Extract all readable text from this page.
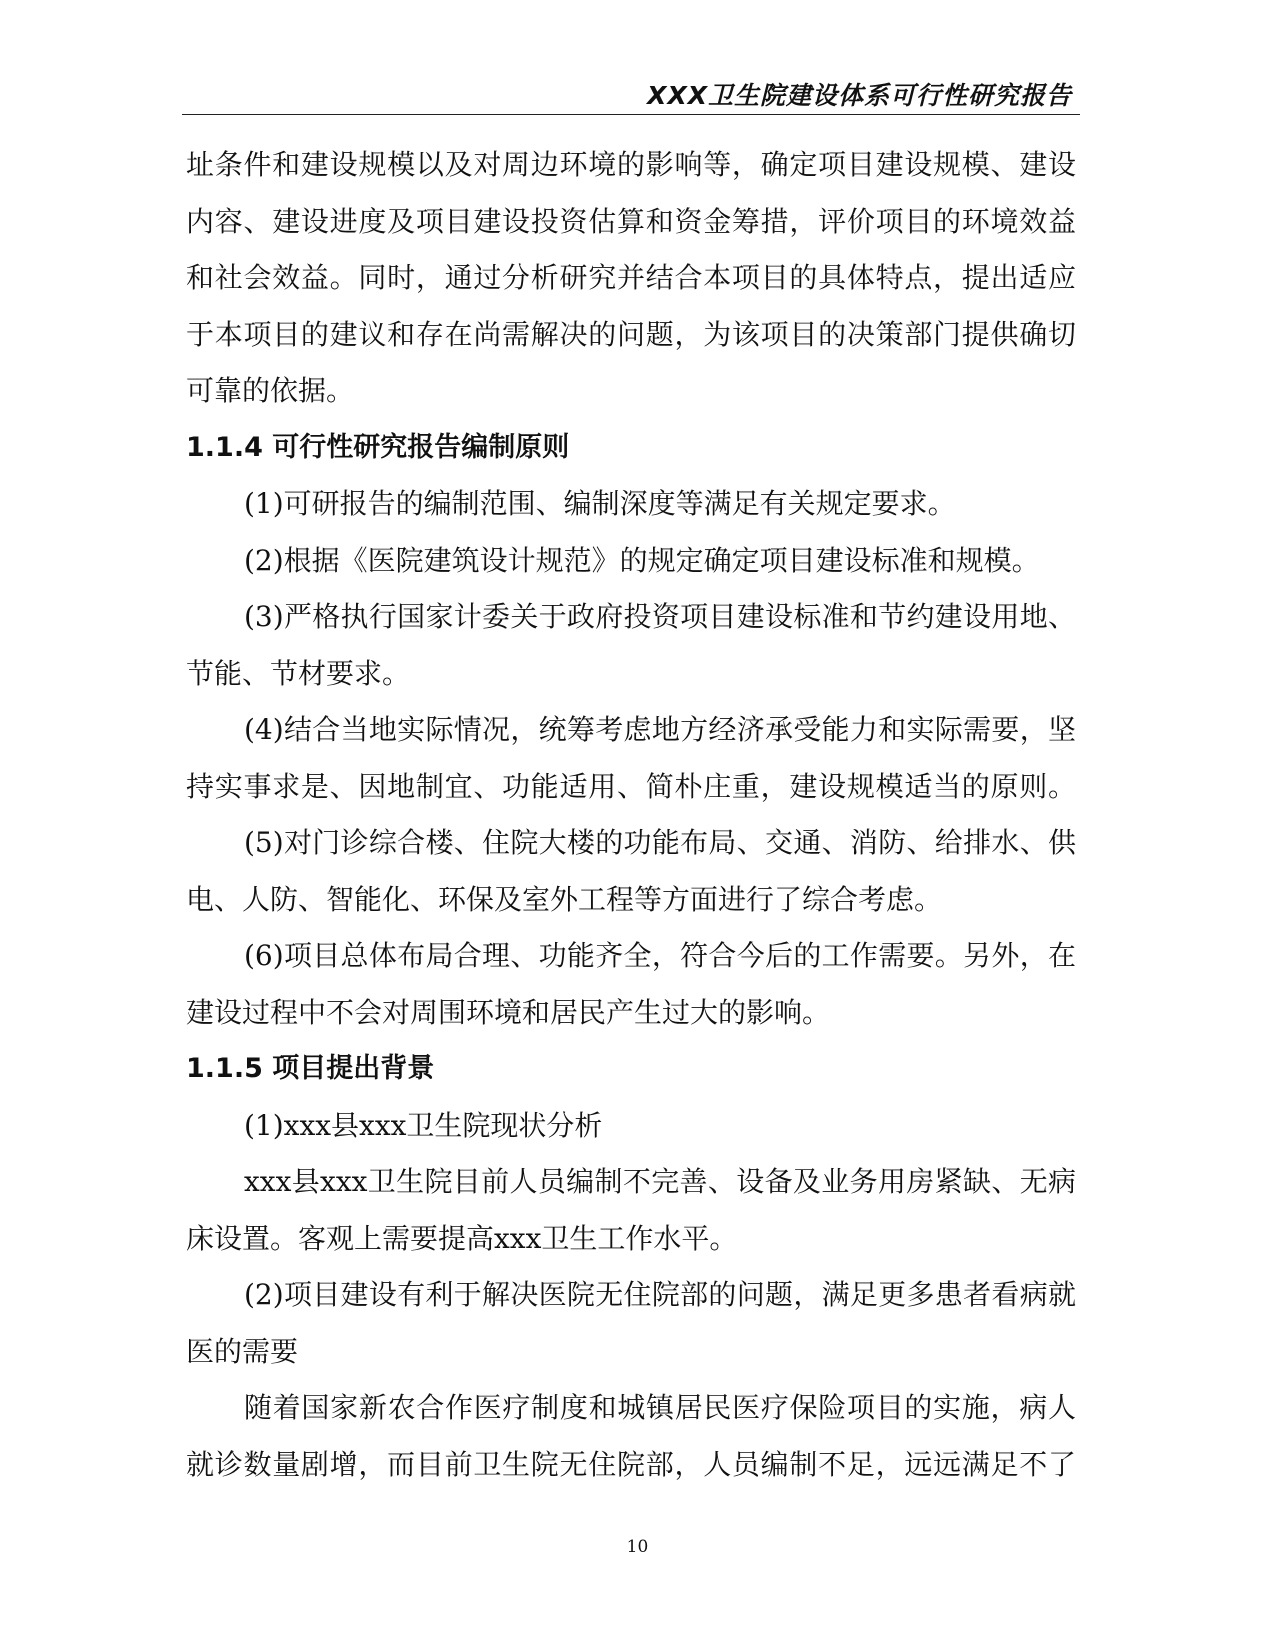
XXX卫生院建设体系可行性研究报告
址条件和建设规模以及对周边环境的影响等，确定项目建设规模、建设
内容、建设进度及项目建设投资估算和资金筹措，评价项目的环境效益
和社会效益。同时，通过分析研究并结合本项目的具体特点，提出适应
于本项目的建议和存在尚需解决的问题，为该项目的决策部门提供确切
可靠的依据。
1.1.4 可行性研究报告编制原则
(1)可研报告的编制范围、编制深度等满足有关规定要求。
(2)根据《医院建筑设计规范》的规定确定项目建设标准和规模。
(3)严格执行国家计委关于政府投资项目建设标准和节约建设用地、
节能、节材要求。
(4)结合当地实际情况，统筹考虑地方经济承受能力和实际需要，坚
持实事求是、因地制宜、功能适用、简朴庄重，建设规模适当的原则。
(5)对门诊综合楼、住院大楼的功能布局、交通、消防、给排水、供
电、人防、智能化、环保及室外工程等方面进行了综合考虑。
(6)项目总体布局合理、功能齐全，符合今后的工作需要。另外，在
建设过程中不会对周围环境和居民产生过大的影响。
1.1.5 项目提出背景
(1)xxx县xxx卫生院现状分析
xxx县xxx卫生院目前人员编制不完善、设备及业务用房紧缺、无病
床设置。客观上需要提高xxx卫生工作水平。
(2)项目建设有利于解决医院无住院部的问题，满足更多患者看病就
医的需要
随着国家新农合作医疗制度和城镇居民医疗保险项目的实施，病人
就诊数量剧增，而目前卫生院无住院部，人员编制不足，远远满足不了
10
